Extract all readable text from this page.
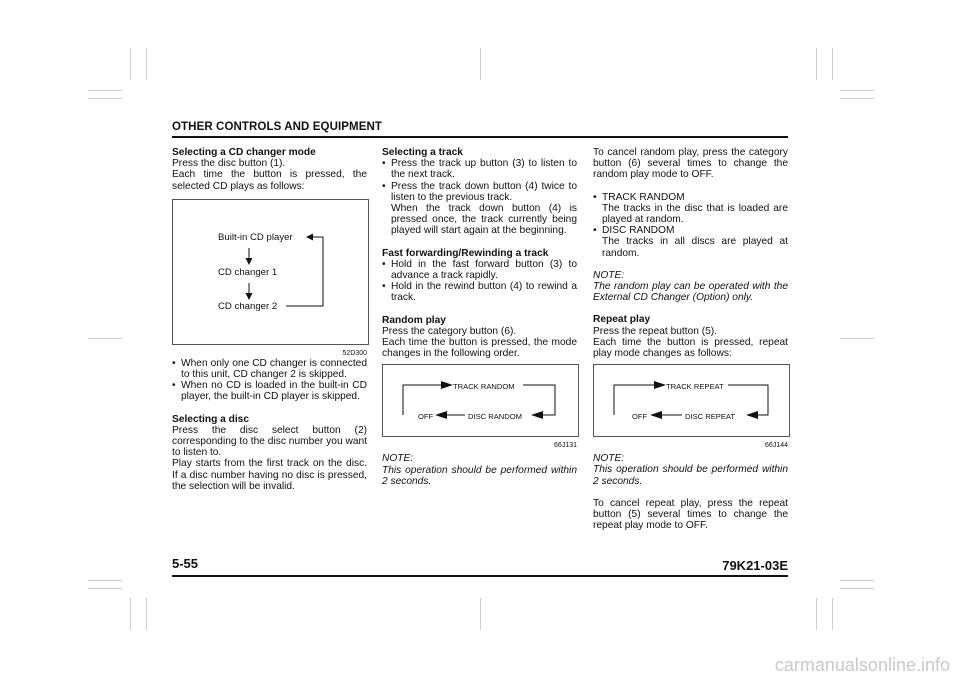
OTHER CONTROLS AND EQUIPMENT

Selecting a CD changer mode

Press the disc button (1).

Each time the button is pressed, the selected CD plays as follows:

Built-in CD player
CD changer 1
CD changer 2
52D300
• When only one CD changer is connected to this unit, CD changer 2 is skipped.
• When no CD is loaded in the built-in CD player, the built-in CD player is skipped.

Selecting a disc

Press the disc select button (2) corresponding to the disc number you want to listen to.

Play starts from the first track on the disc. If a disc number having no disc is pressed, the selection will be invalid.

Selecting a track

• Press the track up button (3) to listen to the next track.
• Press the track down button (4) twice to listen to the previous track.

When the track down button (4) is pressed once, the track currently being played will start again at the beginning.

Fast forwarding/Rewinding a track

• Hold in the fast forward button (3) to advance a track rapidly.
• Hold in the rewind button (4) to rewind a track.

Random play

Press the category button (6).

Each time the button is pressed, the mode changes in the following order.

TRACK RANDOM
OFF	DISC RANDOM
66J131

NOTE:

This operation should be performed within 2 seconds.

To cancel random play, press the category button (6) several times to change the random play mode to OFF.

• TRACK RANDOM
The tracks in the disc that is loaded are played at random.
• DISC RANDOM
The tracks in all discs are played at random.

NOTE:

The random play can be operated with the External CD Changer (Option) only.

Repeat play

Press the repeat button (5).

Each time the button is pressed, repeat play mode changes as follows:

TRACK REPEAT
OFF	DISC REPEAT
66J144

NOTE:

This operation should be performed within 2 seconds.

To cancel repeat play, press the repeat button (5) several times to change the repeat play mode to OFF.

5-55	79K21-03E
carmanualsonline.info
